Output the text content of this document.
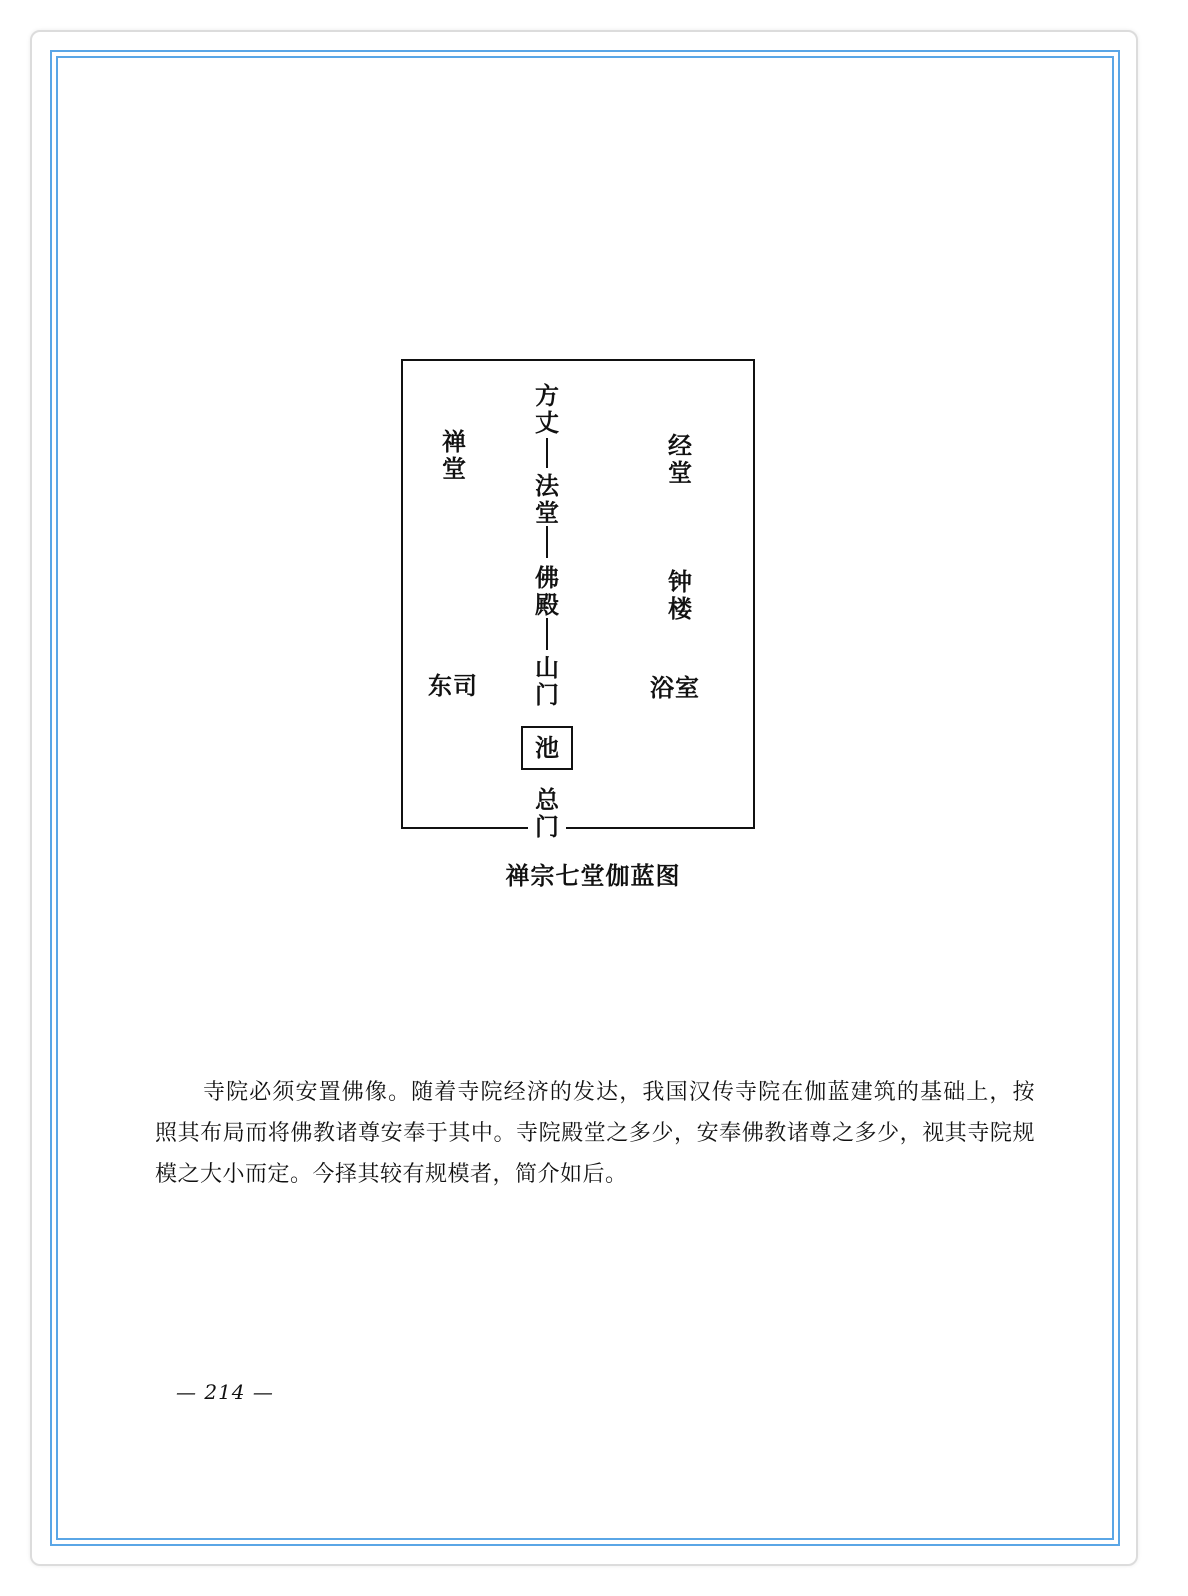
方丈
法堂
佛殿
山门
池
总门
禅堂
经堂
钟楼
东司	浴室
禅宗七堂伽蓝图

寺院必须安置佛像。随着寺院经济的发达，我国汉传寺院在伽蓝建筑的基础上，按照其布局而将佛教诸尊安奉于其中。寺院殿堂之多少，安奉佛教诸尊之多少，视其寺院规模之大小而定。今择其较有规模者，简介如后。

— 214 —
